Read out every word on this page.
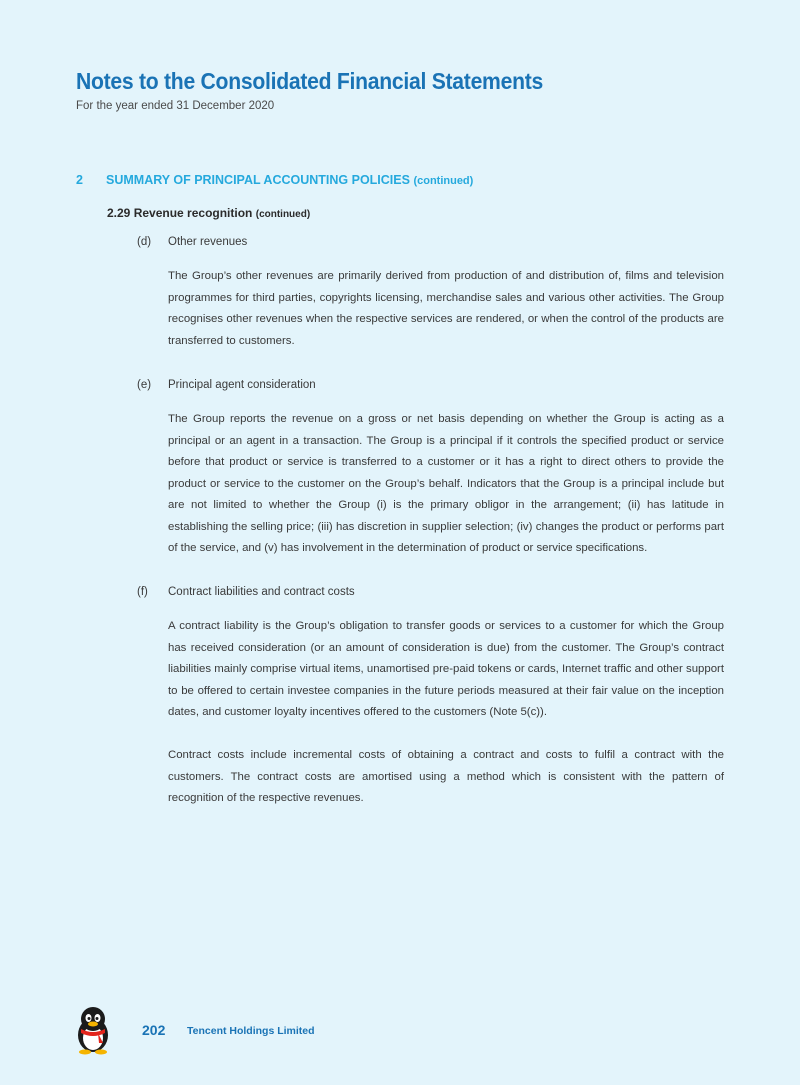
Notes to the Consolidated Financial Statements
For the year ended 31 December 2020
2	SUMMARY OF PRINCIPAL ACCOUNTING POLICIES (continued)
2.29 Revenue recognition (continued)
(d) Other revenues

The Group’s other revenues are primarily derived from production of and distribution of, films and television programmes for third parties, copyrights licensing, merchandise sales and various other activities. The Group recognises other revenues when the respective services are rendered, or when the control of the products are transferred to customers.

(e) Principal agent consideration

The Group reports the revenue on a gross or net basis depending on whether the Group is acting as a principal or an agent in a transaction. The Group is a principal if it controls the specified product or service before that product or service is transferred to a customer or it has a right to direct others to provide the product or service to the customer on the Group’s behalf. Indicators that the Group is a principal include but are not limited to whether the Group (i) is the primary obligor in the arrangement; (ii) has latitude in establishing the selling price; (iii) has discretion in supplier selection; (iv) changes the product or performs part of the service, and (v) has involvement in the determination of product or service specifications.

(f) Contract liabilities and contract costs

A contract liability is the Group’s obligation to transfer goods or services to a customer for which the Group has received consideration (or an amount of consideration is due) from the customer. The Group’s contract liabilities mainly comprise virtual items, unamortised pre-paid tokens or cards, Internet traffic and other support to be offered to certain investee companies in the future periods measured at their fair value on the inception dates, and customer loyalty incentives offered to the customers (Note 5(c)).

Contract costs include incremental costs of obtaining a contract and costs to fulfil a contract with the customers. The contract costs are amortised using a method which is consistent with the pattern of recognition of the respective revenues.

202 Tencent Holdings Limited
